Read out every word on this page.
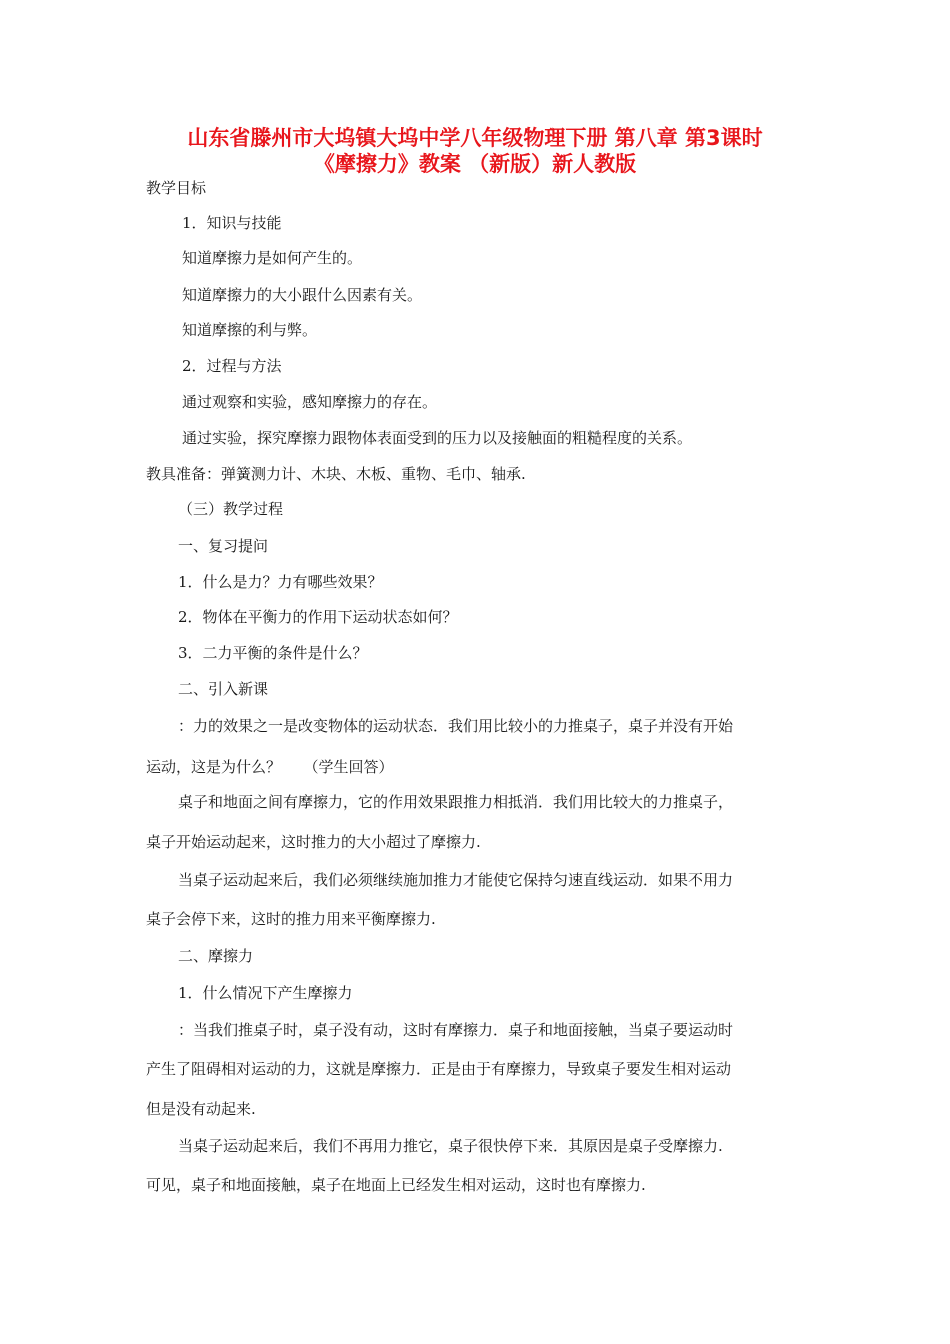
山东省滕州市大坞镇大坞中学八年级物理下册 第八章 第3课时
《摩擦力》教案 （新版）新人教版
教学目标
1．知识与技能
知道摩擦力是如何产生的。
知道摩擦力的大小跟什么因素有关。
知道摩擦的利与弊。
2．过程与方法
通过观察和实验，感知摩擦力的存在。
通过实验，探究摩擦力跟物体表面受到的压力以及接触面的粗糙程度的关系。
教具准备：弹簧测力计、木块、木板、重物、毛巾、轴承.
（三）教学过程
一、复习提问
1．什么是力？力有哪些效果？
2．物体在平衡力的作用下运动状态如何？
3．二力平衡的条件是什么？
二、引入新课
：力的效果之一是改变物体的运动状态．我们用比较小的力推桌子，桌子并没有开始
运动，这是为什么？　　（学生回答）
桌子和地面之间有摩擦力，它的作用效果跟推力相抵消．我们用比较大的力推桌子，
桌子开始运动起来，这时推力的大小超过了摩擦力.
当桌子运动起来后，我们必须继续施加推力才能使它保持匀速直线运动．如果不用力
桌子会停下来，这时的推力用来平衡摩擦力.
二、摩擦力
1．什么情况下产生摩擦力
：当我们推桌子时，桌子没有动，这时有摩擦力．桌子和地面接触，当桌子要运动时
产生了阻碍相对运动的力，这就是摩擦力．正是由于有摩擦力，导致桌子要发生相对运动
但是没有动起来.
当桌子运动起来后，我们不再用力推它，桌子很快停下来．其原因是桌子受摩擦力.
可见，桌子和地面接触，桌子在地面上已经发生相对运动，这时也有摩擦力.
